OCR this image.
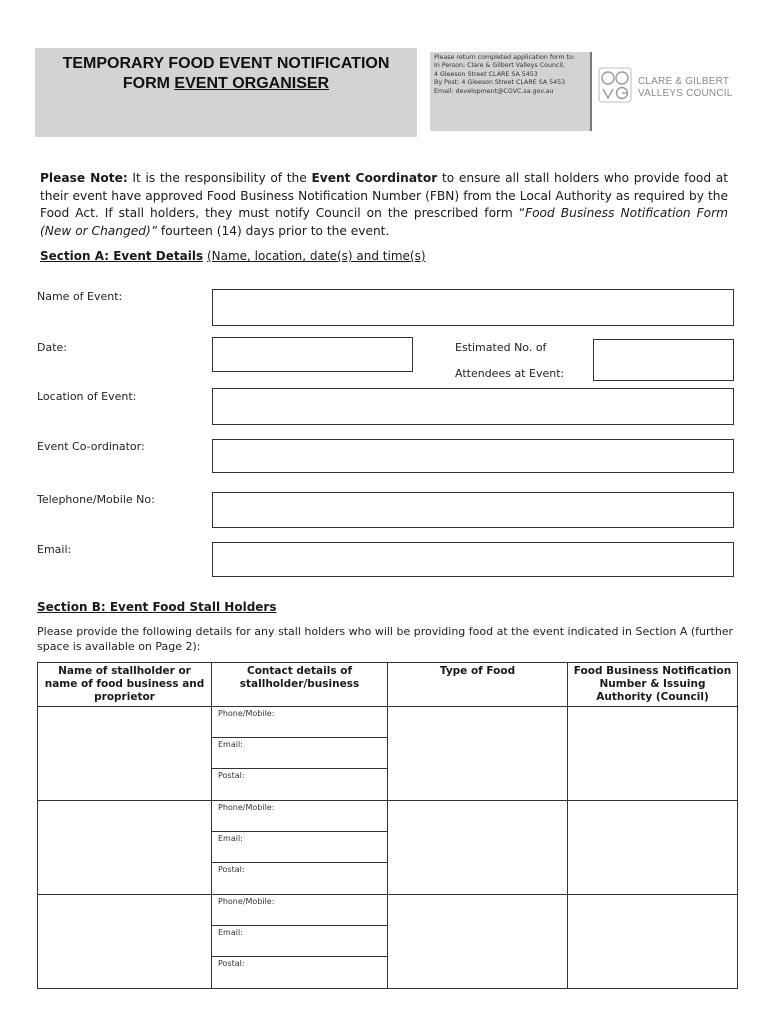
TEMPORARY FOOD EVENT NOTIFICATION
FORM EVENT ORGANISER
Please return completed application form to:
In Person: Clare & Gilbert Valleys Council,
4 Gleeson Street CLARE SA 5453
By Post: 4 Gleeson Street CLARE SA 5453
Email: development@CGVC.sa.gov.au
CLARE & GILBERT
VALLEYS COUNCIL
Please Note: It is the responsibility of the Event Coordinator to ensure all stall holders who provide food at their event have approved Food Business Notification Number (FBN) from the Local Authority as required by the Food Act. If stall holders, they must notify Council on the prescribed form “Food Business Notification Form (New or Changed)” fourteen (14) days prior to the event.
Section A: Event Details (Name, location, date(s) and time(s)
Name of Event:
Date:	Estimated No. of
Attendees at Event:
Location of Event:
Event Co-ordinator:
Telephone/Mobile No:
Email:
Section B: Event Food Stall Holders
Please provide the following details for any stall holders who will be providing food at the event indicated in Section A (further space is available on Page 2):
Name of stallholder or name of food business and proprietor	Contact details of stallholder/business	Type of Food	Food Business Notification Number & Issuing Authority (Council)

	Phone/Mobile:
Email:
Postal:		

	Phone/Mobile:
Email:
Postal:		

	Phone/Mobile:
Email:
Postal:		
